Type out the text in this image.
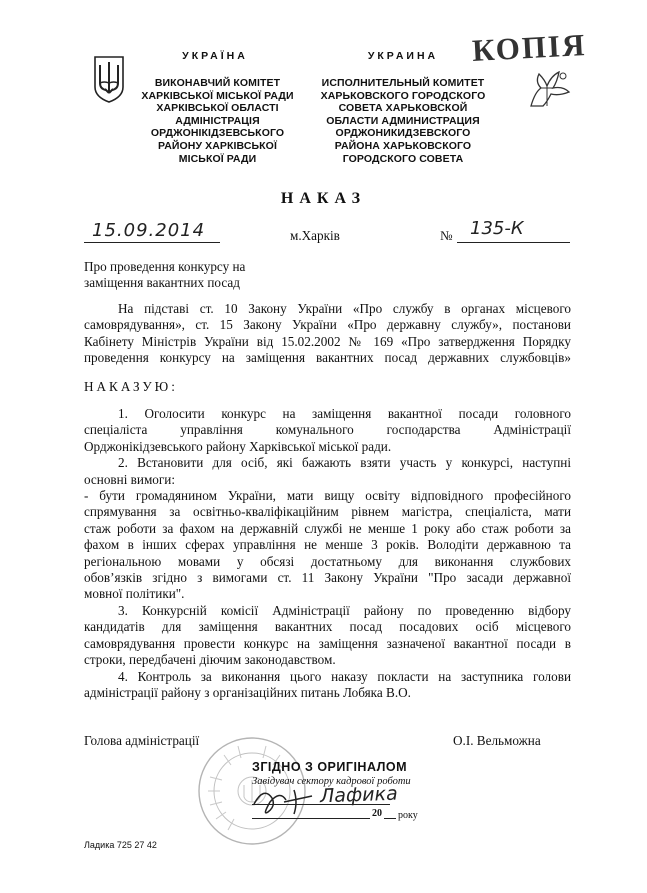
УКРАЇНА	УКРАИНА
ВИКОНАВЧИЙ КОМІТЕТ
ХАРКІВСЬКОЇ МІСЬКОЇ РАДИ
ХАРКІВСЬКОЇ ОБЛАСТІ
АДМІНІСТРАЦІЯ
ОРДЖОНІКІДЗЕВСЬКОГО
РАЙОНУ ХАРКІВСЬКОЇ
МІСЬКОЇ РАДИ
ИСПОЛНИТЕЛЬНЫЙ КОМИТЕТ
ХАРЬКОВСКОГО ГОРОДСКОГО
СОВЕТА ХАРЬКОВСКОЙ
ОБЛАСТИ АДМИНИСТРАЦИЯ
ОРДЖОНИКИДЗЕВСКОГО
РАЙОНА ХАРЬКОВСКОГО
ГОРОДСКОГО СОВЕТА
КОПІЯ
НАКАЗ
15.09.2014	м.Харків	№ 135-К
Про проведення конкурсу на
заміщення вакантних посад
На підставі ст. 10 Закону України «Про службу в органах місцевого
самоврядування», ст. 15 Закону України «Про державну службу», постанови
Кабінету Міністрів України від 15.02.2002 № 169 «Про затвердження Порядку
проведення конкурсу на заміщення вакантних посад державних службовців»
НАКАЗУЮ:
1. Оголосити конкурс на заміщення вакантної посади головного
спеціаліста управління комунального господарства Адміністрації
Орджонікідзевського району Харківської міської ради.
2. Встановити для осіб, які бажають взяти участь у конкурсі, наступні
основні вимоги:
- бути громадянином України, мати вищу освіту відповідного професійного
спрямування за освітньо-кваліфікаційним рівнем магістра, спеціаліста, мати
стаж роботи за фахом на державній службі не менше 1 року або стаж роботи за
фахом в інших сферах управління не менше 3 років. Володіти державною та
регіональною мовами у обсязі достатньому для виконання службових
обов’язків згідно з вимогами ст. 11 Закону України "Про засади державної
мовної політики".
3. Конкурсній комісії Адміністрації району по проведенню відбору
кандидатів для заміщення вакантних посад посадових осіб місцевого
самоврядування провести конкурс на заміщення зазначеної вакантної посади в
строки, передбачені діючим законодавством.
4. Контроль за виконання цього наказу покласти на заступника голови
адміністрації району з організаційних питань Лобяка В.О.
Голова адміністрації	О.І. Вельможна
ЗГІДНО З ОРИГІНАЛОМ
Завідувач сектору кадрової роботи
Лафика
20 року
Ладика 725 27 42
